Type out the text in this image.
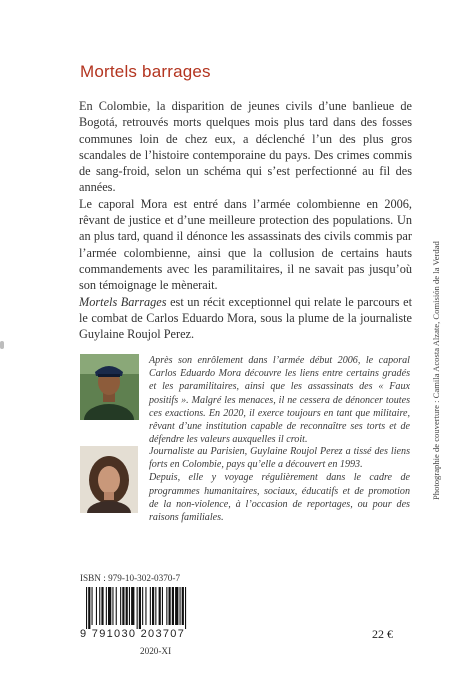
Mortels barrages

En Colombie, la disparition de jeunes civils d’une banlieue de Bogotá, retrouvés morts quelques mois plus tard dans des fosses communes loin de chez eux, a déclenché l’un des plus gros scandales de l’histoire contemporaine du pays. Des crimes commis de sang-froid, selon un schéma qui s’est perfectionné au fil des années.

Le caporal Mora est entré dans l’armée colombienne en 2006, rêvant de justice et d’une meilleure protection des populations. Un an plus tard, quand il dénonce les assassinats des civils commis par l’armée colombienne, ainsi que la collusion de certains hauts commandements avec les paramilitaires, il ne savait pas jusqu’où son témoignage le mènerait.

Mortels Barrages est un récit exceptionnel qui relate le parcours et le combat de Carlos Eduardo Mora, sous la plume de la journaliste Guylaine Roujol Perez.

Après son enrôlement dans l’armée début 2006, le caporal Carlos Eduardo Mora découvre les liens entre certains gradés et les paramilitaires, ainsi que les assassinats des « Faux positifs ». Malgré les menaces, il ne cessera de dénoncer toutes ces exactions. En 2020, il exerce toujours en tant que militaire, rêvant d’une institution capable de reconnaître ses torts et de défendre les valeurs auxquelles il croit.

Journaliste au Parisien, Guylaine Roujol Perez a tissé des liens forts en Colombie, pays qu’elle a découvert en 1993.

Depuis, elle y voyage régulièrement dans le cadre de programmes humanitaires, sociaux, éducatifs et de promotion de la non-violence, à l’occasion de reportages, ou pour des raisons familiales.

Photographie de couverture : Camila Acosta Alzate, Comisión de la Verdad
ISBN : 979-10-302-0370-7
9 791030 203707	22 €
2020-XI
